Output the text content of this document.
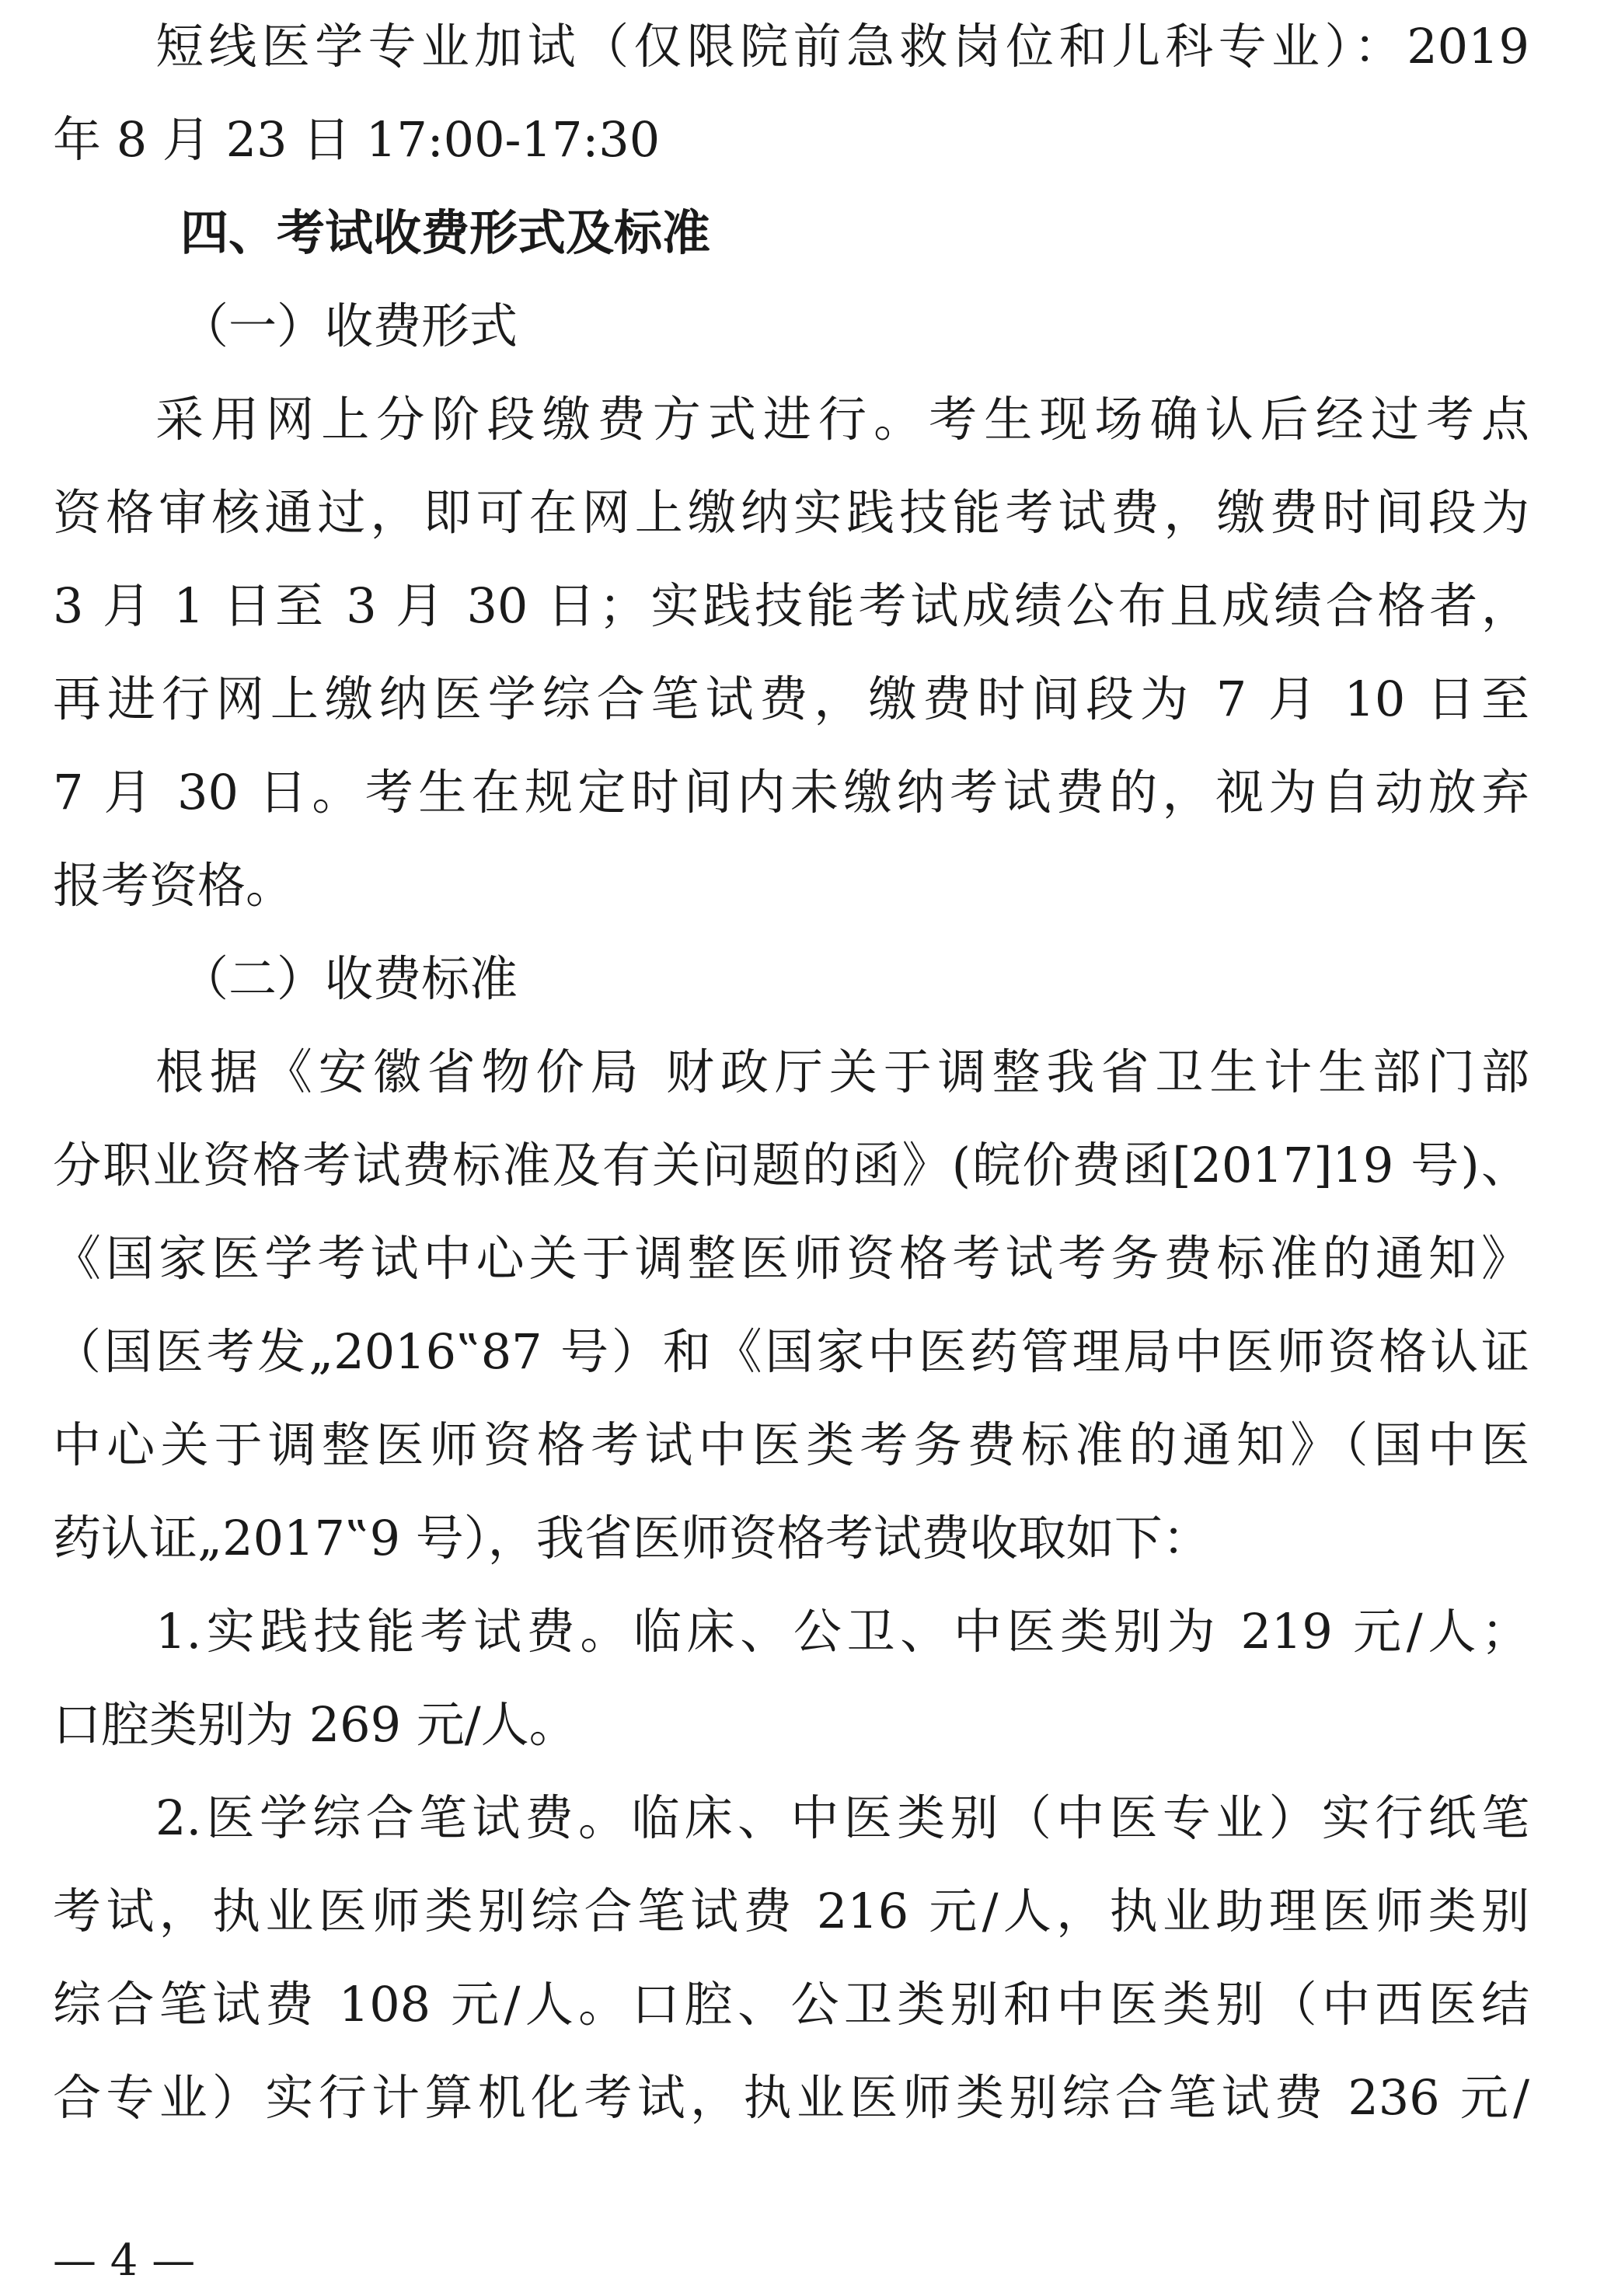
短线医学专业加试（仅限院前急救岗位和儿科专业）：2019
年 8 月 23 日 17:00-17:30
四、考试收费形式及标准
（一）收费形式
采用网上分阶段缴费方式进行。考生现场确认后经过考点
资格审核通过，即可在网上缴纳实践技能考试费，缴费时间段为
3 月 1 日至 3 月 30 日；实践技能考试成绩公布且成绩合格者，
再进行网上缴纳医学综合笔试费，缴费时间段为 7 月 10 日至
7 月 30 日。考生在规定时间内未缴纳考试费的，视为自动放弃
报考资格。
（二）收费标准
根据《安徽省物价局 财政厅关于调整我省卫生计生部门部
分职业资格考试费标准及有关问题的函》(皖价费函[2017]19 号)、
《国家医学考试中心关于调整医师资格考试考务费标准的通知》
（国医考发„2016‟87 号）和《国家中医药管理局中医师资格认证
中心关于调整医师资格考试中医类考务费标准的通知》（国中医
药认证„2017‟9 号），我省医师资格考试费收取如下：
1.实践技能考试费。临床、公卫、中医类别为 219 元/人；
口腔类别为 269 元/人。
2.医学综合笔试费。临床、中医类别（中医专业）实行纸笔
考试，执业医师类别综合笔试费 216 元/人，执业助理医师类别
综合笔试费 108 元/人。口腔、公卫类别和中医类别（中西医结
合专业）实行计算机化考试，执业医师类别综合笔试费 236 元/
— 4 —
